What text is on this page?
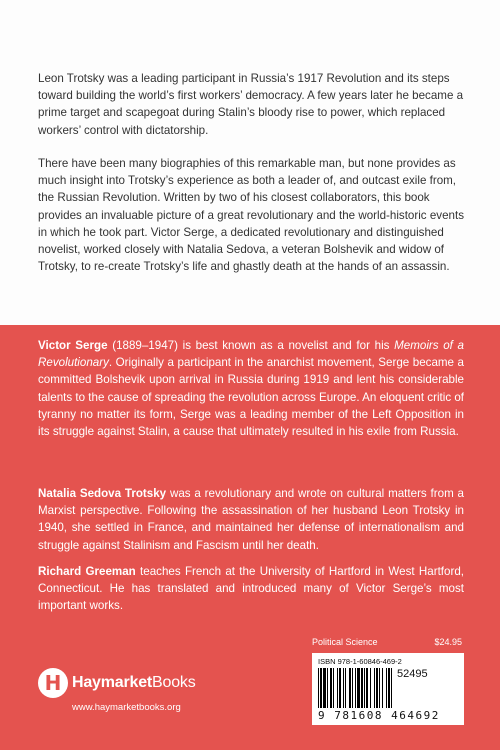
Leon Trotsky was a leading participant in Russia’s 1917 Revolution and its steps toward building the world’s first workers’ democracy. A few years later he became a prime target and scapegoat during Stalin’s bloody rise to power, which replaced workers’ control with dictatorship.

There have been many biographies of this remarkable man, but none provides as much insight into Trotsky’s experience as both a leader of, and outcast exile from, the Russian Revolution. Written by two of his closest collaborators, this book provides an invaluable picture of a great revolutionary and the world-historic events in which he took part. Victor Serge, a dedicated revolutionary and distinguished novelist, worked closely with Natalia Sedova, a veteran Bolshevik and widow of Trotsky, to re-create Trotsky’s life and ghastly death at the hands of an assassin.

Victor Serge (1889–1947) is best known as a novelist and for his Memoirs of a Revolutionary. Originally a participant in the anarchist movement, Serge became a committed Bolshevik upon arrival in Russia during 1919 and lent his considerable talents to the cause of spreading the revolution across Europe. An eloquent critic of tyranny no matter its form, Serge was a leading member of the Left Opposition in its struggle against Stalin, a cause that ultimately resulted in his exile from Russia.

Natalia Sedova Trotsky was a revolutionary and wrote on cultural matters from a Marxist perspective. Following the assassination of her husband Leon Trotsky in 1940, she settled in France, and maintained her defense of internationalism and struggle against Stalinism and Fascism until her death.

Richard Greeman teaches French at the University of Hartford in West Hartford, Connecticut. He has translated and introduced many of Victor Serge’s most important works.

H HaymarketBooks
www.haymarketbooks.org
Political Science	$24.95
ISBN 978-1-60846-469-2
52495
9 781608 464692
